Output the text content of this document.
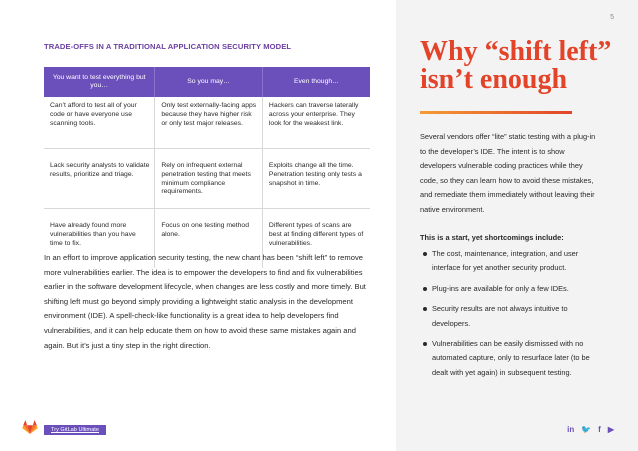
5
TRADE-OFFS IN A TRADITIONAL APPLICATION SECURITY MODEL
You want to test everything but you…	So you may…	Even though…
Can’t afford to test all of your code or have everyone use scanning tools.	Only test externally-facing apps because they have higher risk or only test major releases.	Hackers can traverse laterally across your enterprise. They look for the weakest link.
Lack security analysts to validate results, prioritize and triage.	Rely on infrequent external penetration testing that meets minimum compliance requirements.	Exploits change all the time. Penetration testing only tests a snapshot in time.
Have already found more vulnerabilities than you have time to fix.	Focus on one testing method alone.	Different types of scans are best at finding different types of vulnerabilities.
In an effort to improve application security testing, the new chant has been “shift left” to remove more vulnerabilities earlier. The idea is to empower the developers to find and fix vulnerabilities earlier in the software development lifecycle, when changes are less costly and more timely. But shifting left must go beyond simply providing a lightweight static analysis in the development environment (IDE). A spell-check-like functionality is a great idea to help developers find vulnerabilities, and it can help educate them on how to avoid these same mistakes again and again. But it’s just a tiny step in the right direction.
Why “shift left”
isn’t enough
Several vendors offer “lite” static testing with a plug-in to the developer’s IDE. The intent is to show developers vulnerable coding practices while they code, so they can learn how to avoid these mistakes, and remediate them immediately without leaving their native environment.
This is a start, yet shortcomings include:
The cost, maintenance, integration, and user interface for yet another security product.
Plug-ins are available for only a few IDEs.
Security results are not always intuitive to developers.
Vulnerabilities can be easily dismissed with no automated capture, only to resurface later (to be dealt with yet again) in subsequent testing.
Try GitLab Ultimate	in 🐦 f ▶
